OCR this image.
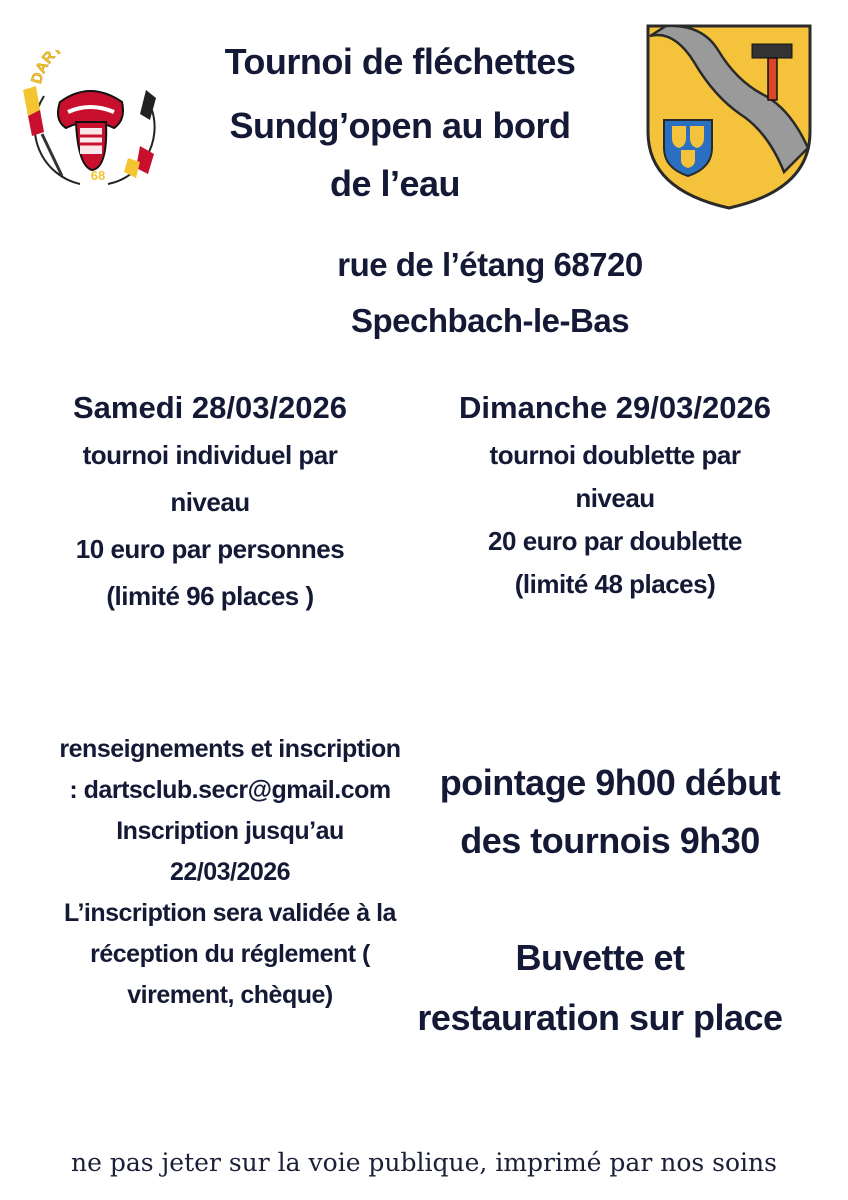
DAR
68
Tournoi de fléchettes
Sundg’open au bord
de l’eau
rue de l’étang 68720
Spechbach-le-Bas
Samedi 28/03/2026
tournoi individuel par
niveau
10 euro par personnes
(limité 96 places )
Dimanche 29/03/2026
tournoi doublette par
niveau
20 euro par doublette
(limité 48 places)
renseignements et inscription
: dartsclub.secr@gmail.com
Inscription jusqu’au
22/03/2026
L’inscription sera validée à la
réception du réglement (
virement, chèque)
pointage 9h00 début
des tournois 9h30
Buvette et
restauration sur place
ne pas jeter sur la voie publique, imprimé par nos soins
